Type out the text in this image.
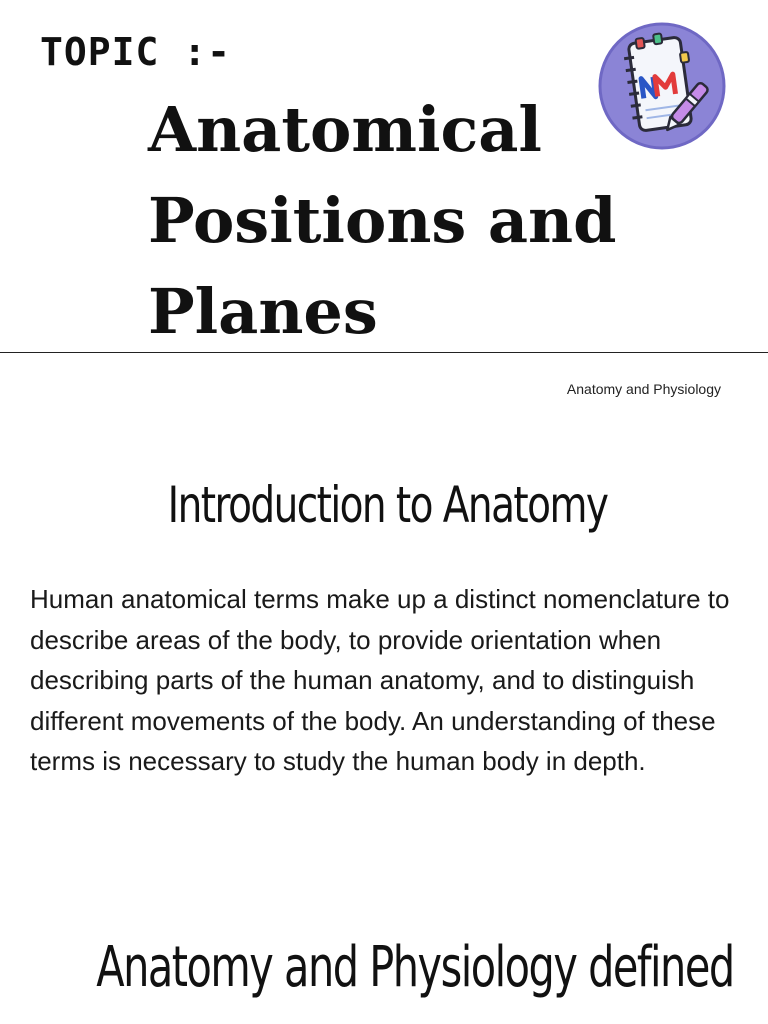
TOPIC :-
Anatomical
Positions and
Planes
Anatomy and Physiology
Introduction to Anatomy

Human anatomical terms make up a distinct nomenclature to describe areas of the body, to provide orientation when describing parts of the human anatomy, and to distinguish different movements of the body. An understanding of these terms is necessary to study the human body in depth.

Anatomy and Physiology defined
